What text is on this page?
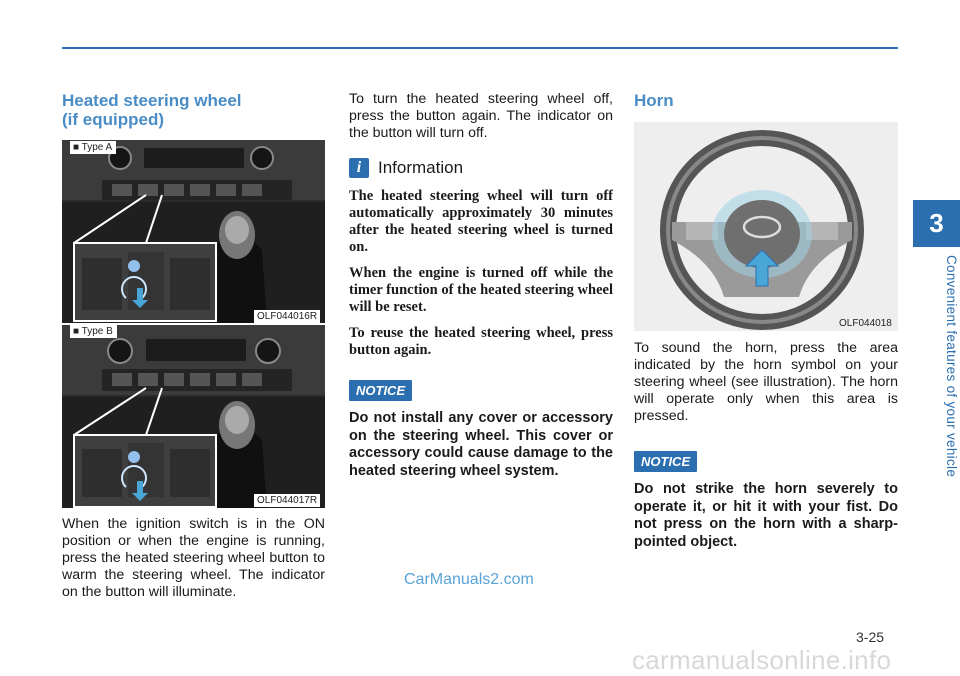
3
Convenient features of your vehicle
Heated steering wheel
(if equipped)
■ Type A
OLF044016R
■ Type B
OLF044017R

When the ignition switch is in the ON position or when the engine is running, press the heated steering wheel button to warm the steering wheel. The indicator on the button will illuminate.

To turn the heated steering wheel off, press the button again. The indicator on the button will turn off.

i Information

The heated steering wheel will turn off automatically approximately 30 minutes after the heated steering wheel is turned on.

When the engine is turned off while the timer function of the heated steering wheel will be reset.

To reuse the heated steering wheel, press button again.

NOTICE

Do not install any cover or accessory on the steering wheel. This cover or accessory could cause damage to the heated steering wheel system.

Horn
OLF044018

To sound the horn, press the area indicated by the horn symbol on your steering wheel (see illustration). The horn will operate only when this area is pressed.

NOTICE

Do not strike the horn severely to operate it, or hit it with your fist. Do not press on the horn with a sharp-pointed object.

3-25
CarManuals2.com
carmanualsonline.info
